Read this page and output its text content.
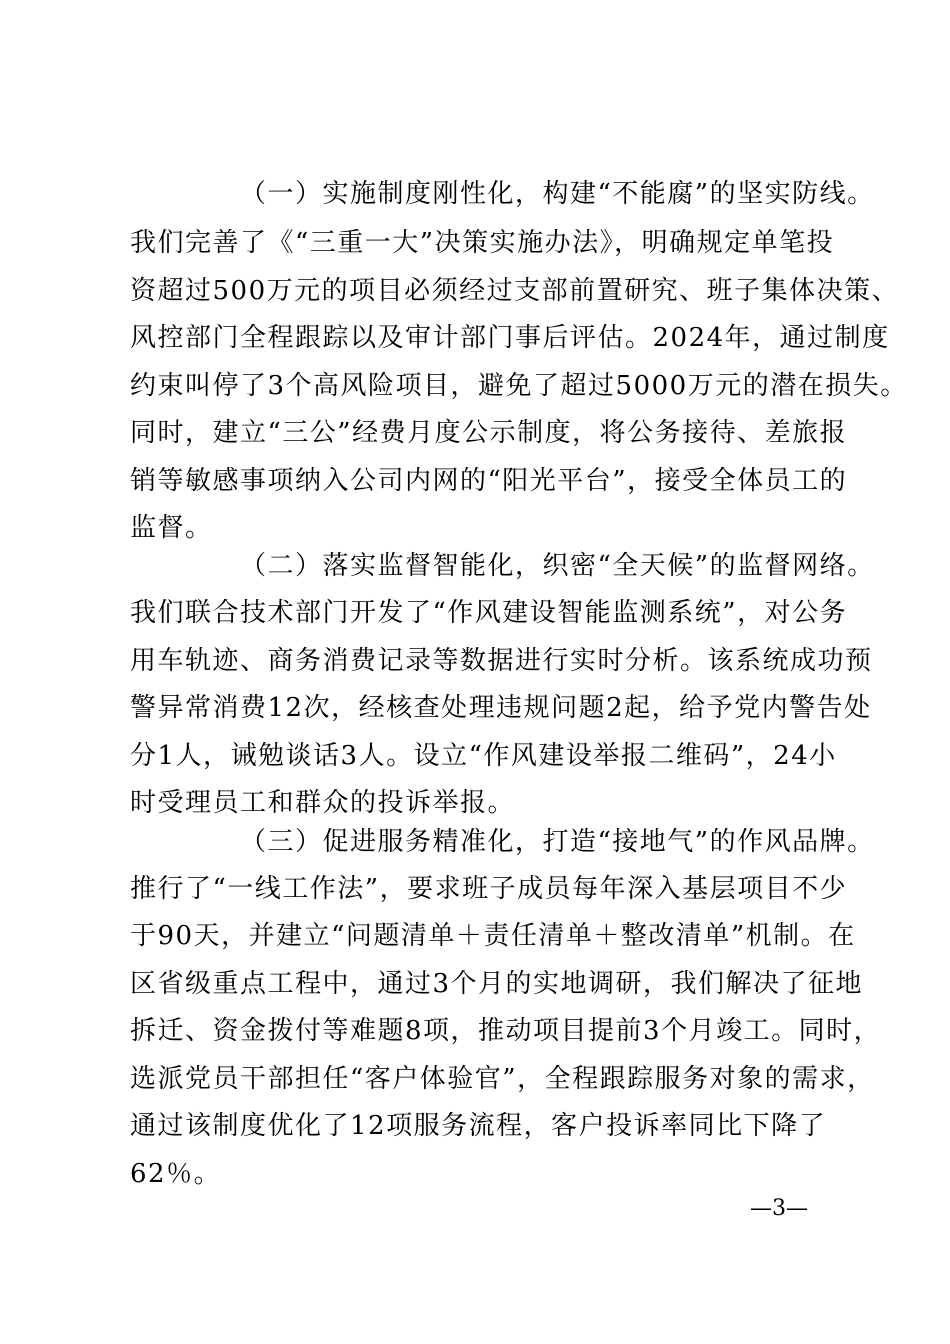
（一）实施制度刚性化，构建“不能腐”的坚实防线。
我们完善了《“三重一大”决策实施办法》，明确规定单笔投
资超过500万元的项目必须经过支部前置研究、班子集体决策、
风控部门全程跟踪以及审计部门事后评估。2024年，通过制度
约束叫停了3个高风险项目，避免了超过5000万元的潜在损失。
同时，建立“三公”经费月度公示制度，将公务接待、差旅报
销等敏感事项纳入公司内网的“阳光平台”，接受全体员工的
监督。
（二）落实监督智能化，织密“全天候”的监督网络。
我们联合技术部门开发了“作风建设智能监测系统”，对公务
用车轨迹、商务消费记录等数据进行实时分析。该系统成功预
警异常消费12次，经核查处理违规问题2起，给予党内警告处
分1人，诫勉谈话3人。设立“作风建设举报二维码”，24小
时受理员工和群众的投诉举报。
（三）促进服务精准化，打造“接地气”的作风品牌。
推行了“一线工作法”，要求班子成员每年深入基层项目不少
于90天，并建立“问题清单＋责任清单＋整改清单”机制。在
区省级重点工程中，通过3个月的实地调研，我们解决了征地
拆迁、资金拨付等难题8项，推动项目提前3个月竣工。同时，
选派党员干部担任“客户体验官”，全程跟踪服务对象的需求，
通过该制度优化了12项服务流程，客户投诉率同比下降了
62％。
—3—
